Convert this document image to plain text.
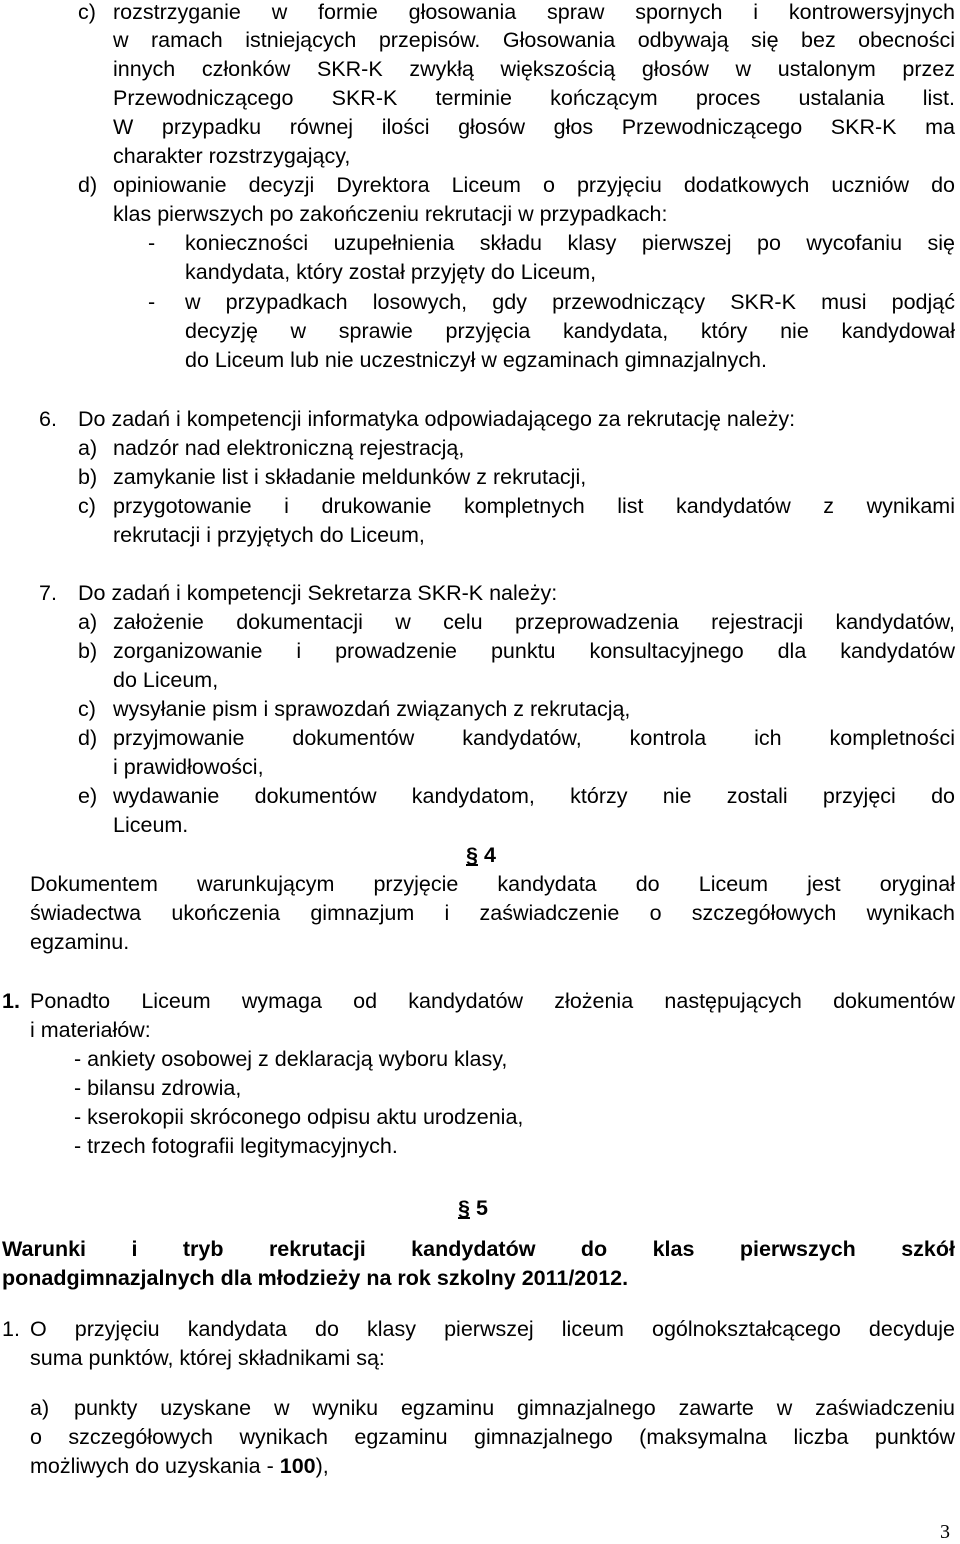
c) rozstrzyganie w formie głosowania spraw spornych i kontrowersyjnych
w ramach istniejących przepisów. Głosowania odbywają się bez obecności
innych członków SKR-K zwykłą większością głosów w ustalonym przez
Przewodniczącego SKR-K terminie kończącym proces ustalania list.
W przypadku równej ilości głosów głos Przewodniczącego SKR-K ma
charakter rozstrzygający,
d) opiniowanie decyzji Dyrektora Liceum o przyjęciu dodatkowych uczniów do
klas pierwszych po zakończeniu rekrutacji w przypadkach:
- konieczności uzupełnienia składu klasy pierwszej po wycofaniu się
kandydata, który został przyjęty do Liceum,
- w przypadkach losowych, gdy przewodniczący SKR-K musi podjąć
decyzję w sprawie przyjęcia kandydata, który nie kandydował
do Liceum lub nie uczestniczył w egzaminach gimnazjalnych.
6. Do zadań i kompetencji informatyka odpowiadającego za rekrutację należy:
a) nadzór nad elektroniczną rejestracją,
b) zamykanie list i składanie meldunków z rekrutacji,
c) przygotowanie i drukowanie kompletnych list kandydatów z wynikami
rekrutacji i przyjętych do Liceum,
7. Do zadań i kompetencji Sekretarza SKR-K należy:
a) założenie dokumentacji w celu przeprowadzenia rejestracji kandydatów,
b) zorganizowanie i prowadzenie punktu konsultacyjnego dla kandydatów
do Liceum,
c) wysyłanie pism i sprawozdań związanych z rekrutacją,
d) przyjmowanie dokumentów kandydatów, kontrola ich kompletności
i prawidłowości,
e) wydawanie dokumentów kandydatom, którzy nie zostali przyjęci do
Liceum.
§ 4
Dokumentem warunkującym przyjęcie kandydata do Liceum jest oryginał
świadectwa ukończenia gimnazjum i zaświadczenie o szczegółowych wynikach
egzaminu.
1. Ponadto Liceum wymaga od kandydatów złożenia następujących dokumentów
i materiałów:
- ankiety osobowej z deklaracją wyboru klasy,
- bilansu zdrowia,
- kserokopii skróconego odpisu aktu urodzenia,
- trzech fotografii legitymacyjnych.
§ 5
Warunki i tryb rekrutacji kandydatów do klas pierwszych szkół
ponadgimnazjalnych dla młodzieży na rok szkolny 2011/2012.
1. O przyjęciu kandydata do klasy pierwszej liceum ogólnokształcącego decyduje
suma punktów, której składnikami są:
a) punkty uzyskane w wyniku egzaminu gimnazjalnego zawarte w zaświadczeniu
o szczegółowych wynikach egzaminu gimnazjalnego (maksymalna liczba punktów
możliwych do uzyskania - 100),
3
